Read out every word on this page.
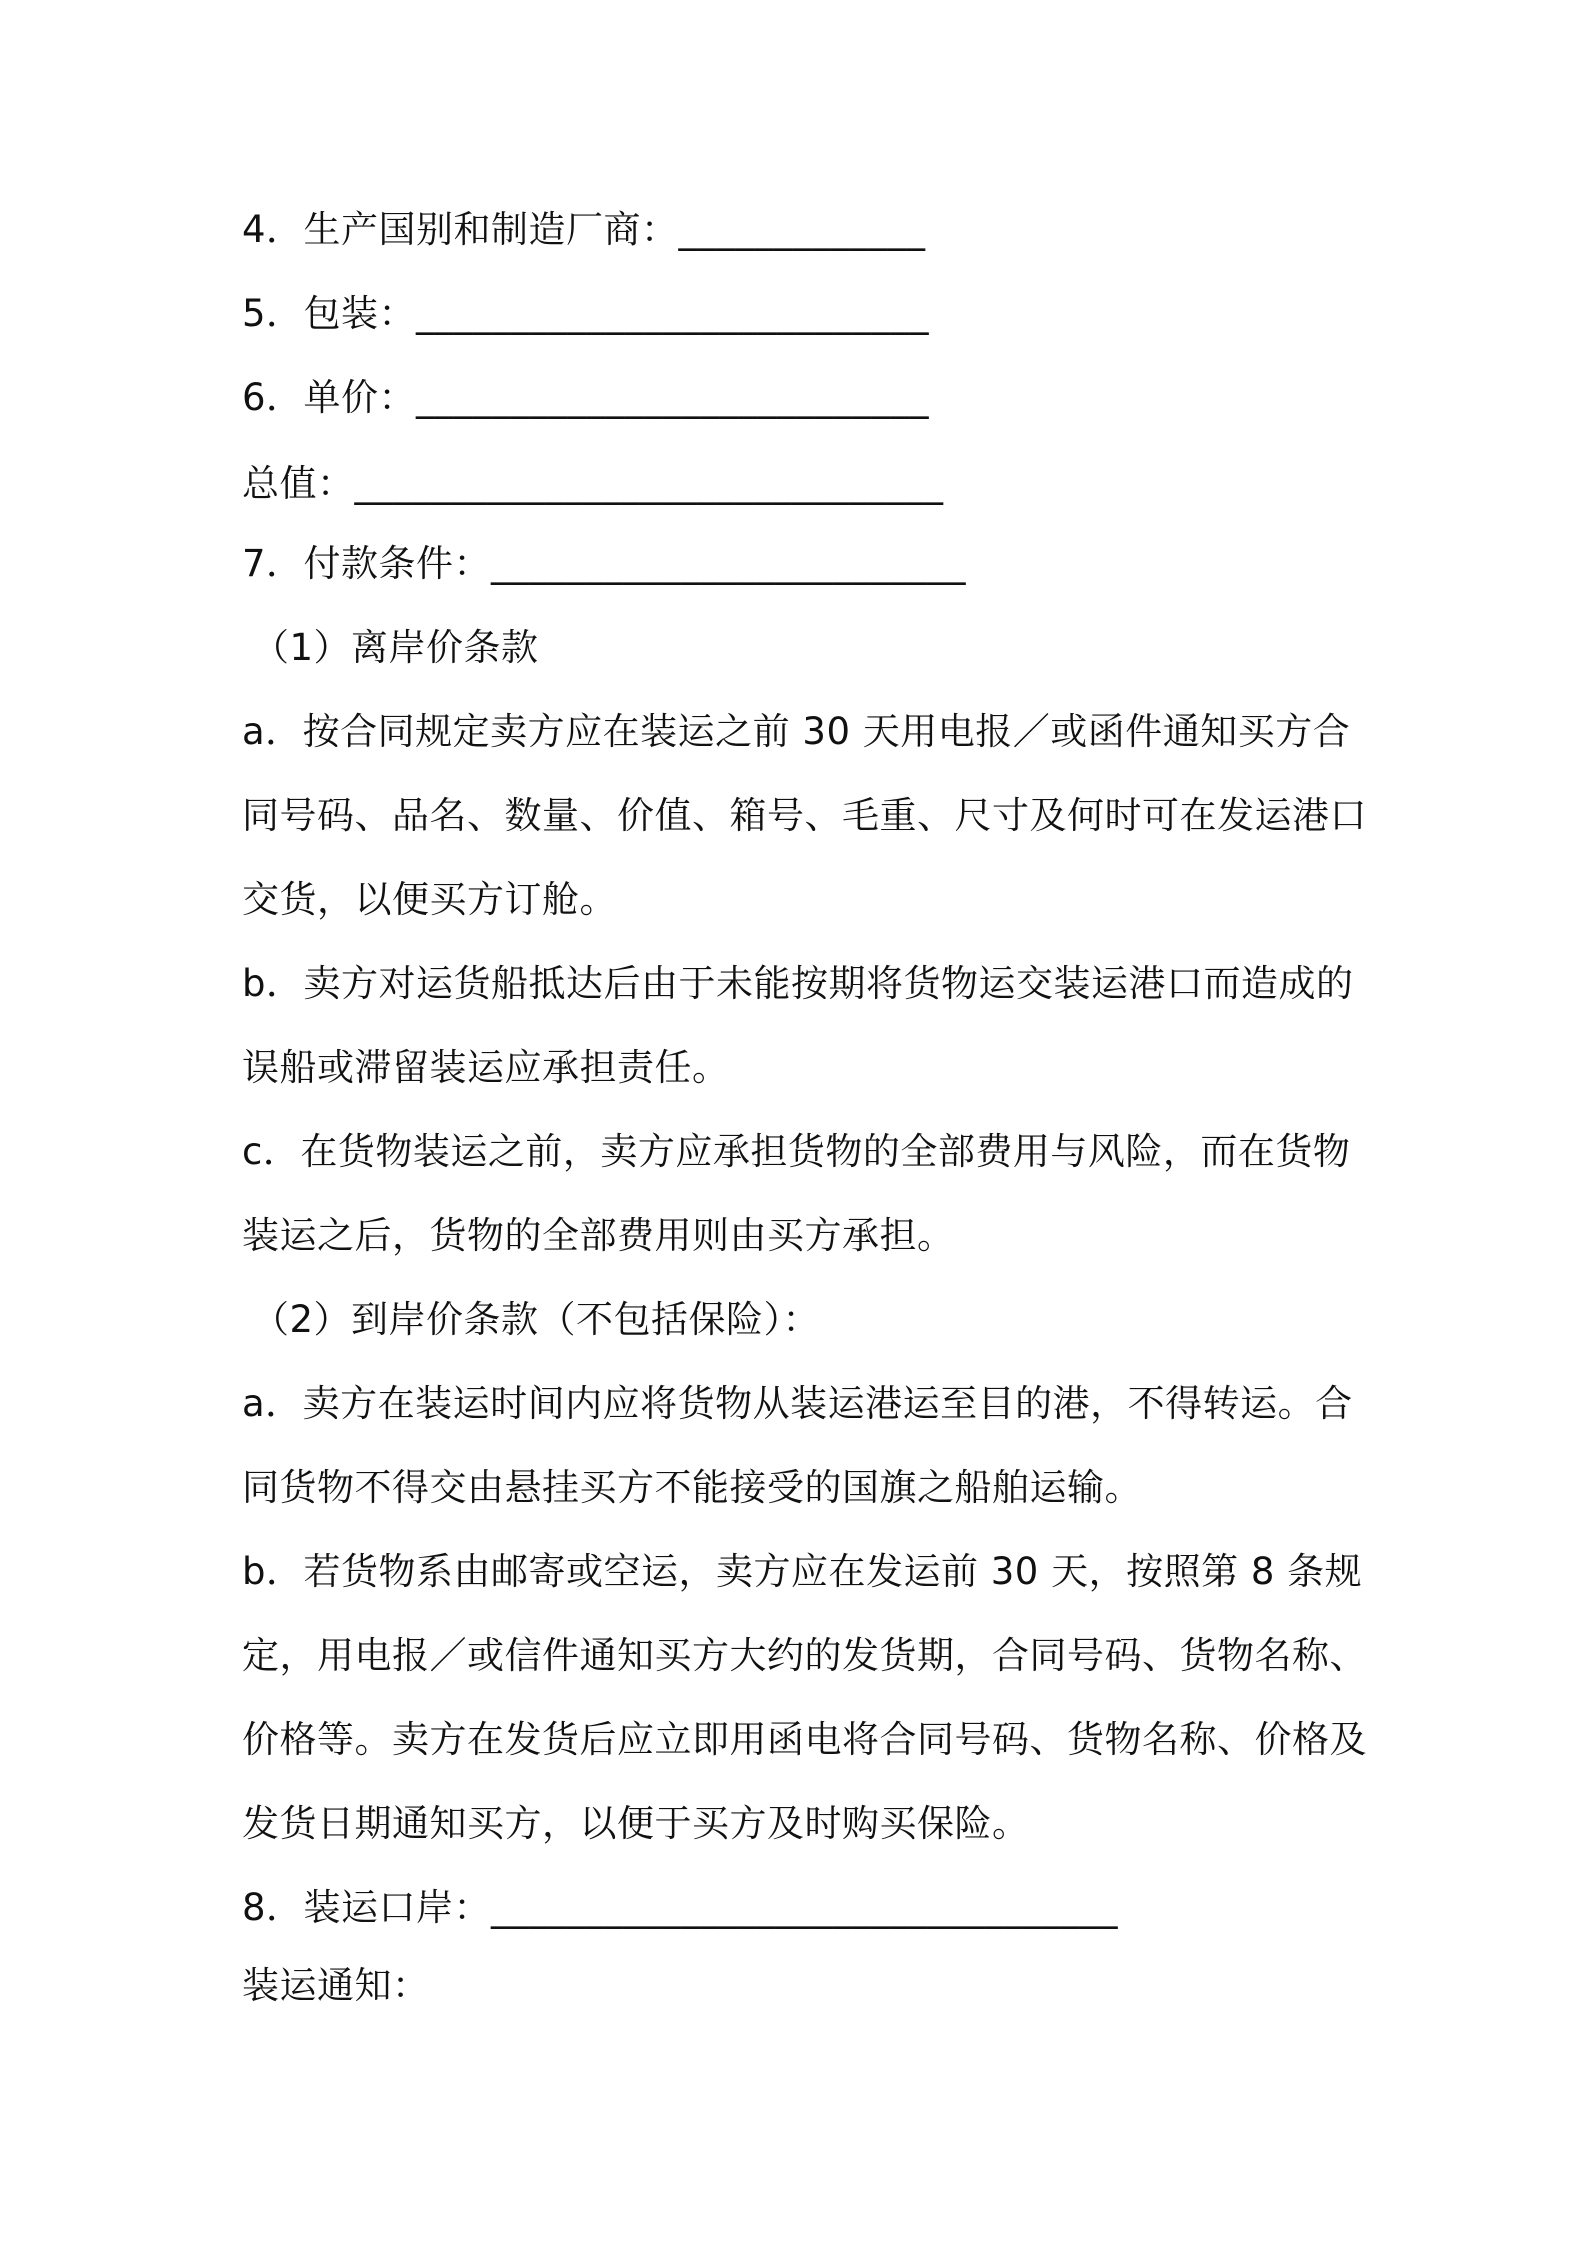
4．生产国别和制造厂商：_____________
5．包装：___________________________
6．单价：___________________________
总值：_______________________________
7．付款条件：_________________________
（1）离岸价条款
a．按合同规定卖方应在装运之前 30 天用电报／或函件通知买方合
同号码、品名、数量、价值、箱号、毛重、尺寸及何时可在发运港口
交货，以便买方订舱。
b．卖方对运货船抵达后由于未能按期将货物运交装运港口而造成的
误船或滞留装运应承担责任。
c．在货物装运之前，卖方应承担货物的全部费用与风险，而在货物
装运之后，货物的全部费用则由买方承担。
（2）到岸价条款（不包括保险）：
a．卖方在装运时间内应将货物从装运港运至目的港，不得转运。合
同货物不得交由悬挂买方不能接受的国旗之船舶运输。
b．若货物系由邮寄或空运，卖方应在发运前 30 天，按照第 8 条规
定，用电报／或信件通知买方大约的发货期，合同号码、货物名称、
价格等。卖方在发货后应立即用函电将合同号码、货物名称、价格及
发货日期通知买方，以便于买方及时购买保险。
8．装运口岸：_________________________________
装运通知：
